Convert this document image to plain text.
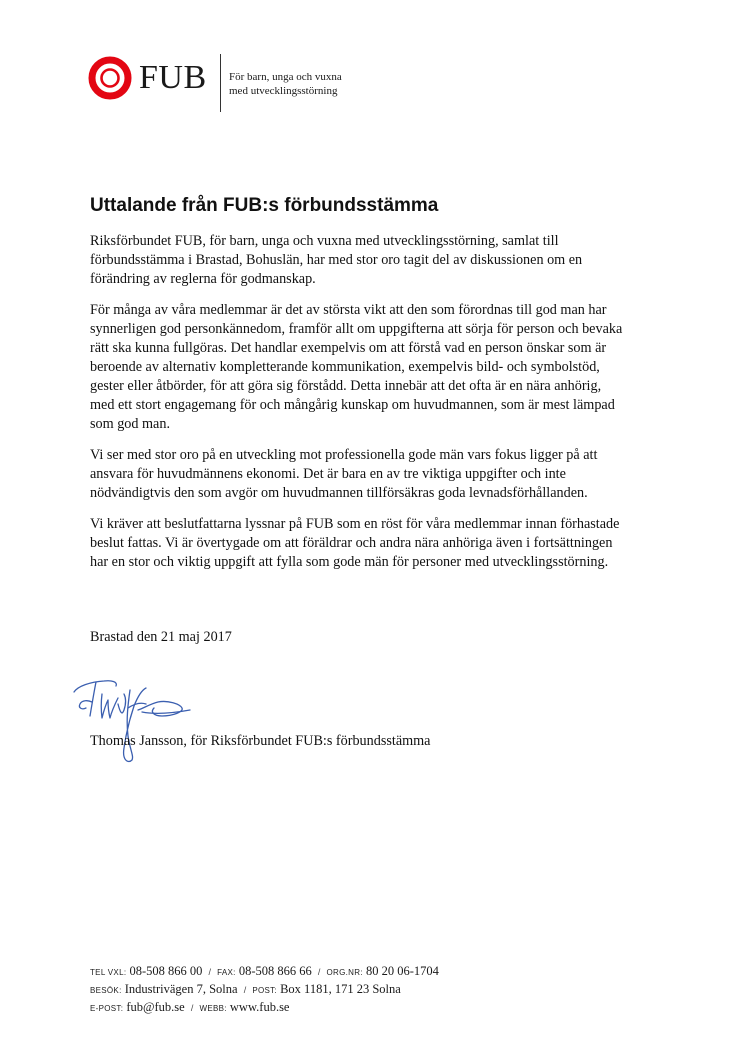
FUB För barn, unga och vuxna
med utvecklingsstörning
Uttalande från FUB:s förbundsstämma

Riksförbundet FUB, för barn, unga och vuxna med utvecklingsstörning, samlat till
förbundsstämma i Brastad, Bohuslän, har med stor oro tagit del av diskussionen om en
förändring av reglerna för godmanskap.

För många av våra medlemmar är det av största vikt att den som förordnas till god man har
synnerligen god personkännedom, framför allt om uppgifterna att sörja för person och bevaka
rätt ska kunna fullgöras. Det handlar exempelvis om att förstå vad en person önskar som är
beroende av alternativ kompletterande kommunikation, exempelvis bild- och symbolstöd,
gester eller åtbörder, för att göra sig förstådd. Detta innebär att det ofta är en nära anhörig,
med ett stort engagemang för och mångårig kunskap om huvudmannen, som är mest lämpad
som god man.

Vi ser med stor oro på en utveckling mot professionella gode män vars fokus ligger på att
ansvara för huvudmännens ekonomi. Det är bara en av tre viktiga uppgifter och inte
nödvändigtvis den som avgör om huvudmannen tillförsäkras goda levnadsförhållanden.

Vi kräver att beslutfattarna lyssnar på FUB som en röst för våra medlemmar innan förhastade
beslut fattas. Vi är övertygade om att föräldrar och andra nära anhöriga även i fortsättningen
har en stor och viktig uppgift att fylla som gode män för personer med utvecklingsstörning.

Brastad den 21 maj 2017
Thomas Jansson, för Riksförbundet FUB:s förbundsstämma
TEL VXL: 08-508 866 00 / FAX: 08-508 866 66 / ORG.NR: 80 20 06-1704
BESÖK: Industrivägen 7, Solna / POST: Box 1181, 171 23 Solna
E-POST: fub@fub.se / WEBB: www.fub.se
